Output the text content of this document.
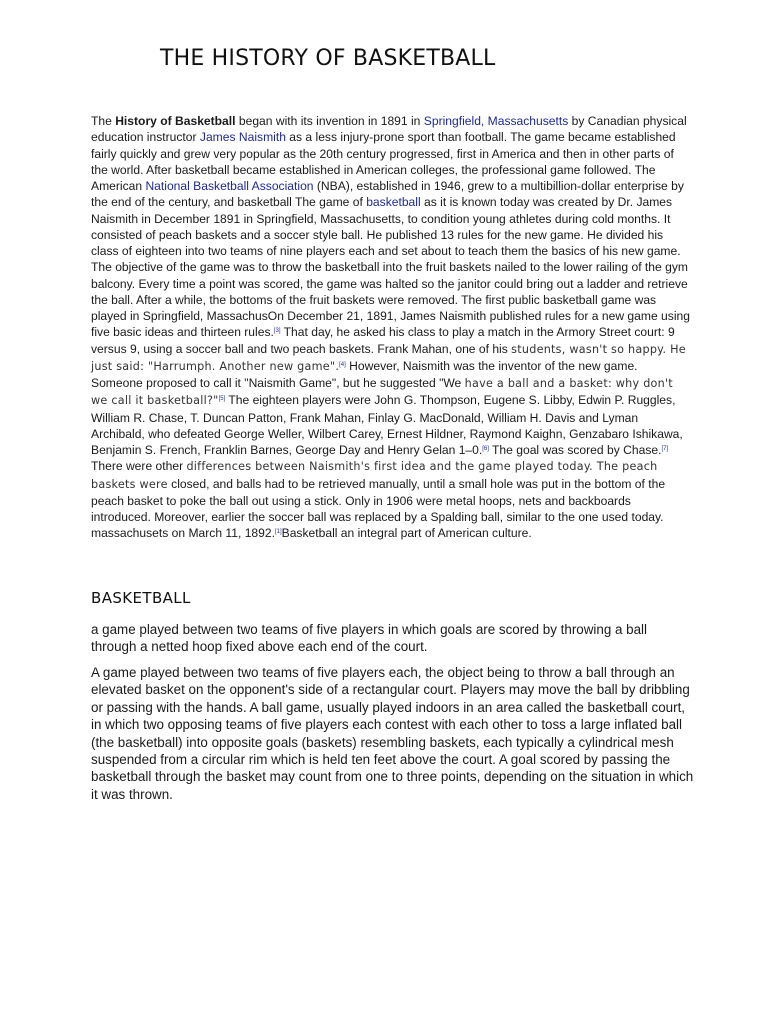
THE HISTORY OF BASKETBALL

The History of Basketball began with its invention in 1891 in Springfield, Massachusetts by Canadian physical education instructor James Naismith as a less injury-prone sport than football. The game became established fairly quickly and grew very popular as the 20th century progressed, first in America and then in other parts of the world. After basketball became established in American colleges, the professional game followed. The American National Basketball Association (NBA), established in 1946, grew to a multibillion-dollar enterprise by the end of the century, and basketball The game of basketball as it is known today was created by Dr. James Naismith in December 1891 in Springfield, Massachusetts, to condition young athletes during cold months. It consisted of peach baskets and a soccer style ball. He published 13 rules for the new game. He divided his class of eighteen into two teams of nine players each and set about to teach them the basics of his new game. The objective of the game was to throw the basketball into the fruit baskets nailed to the lower railing of the gym balcony. Every time a point was scored, the game was halted so the janitor could bring out a ladder and retrieve the ball. After a while, the bottoms of the fruit baskets were removed. The first public basketball game was played in Springfield, MassachusOn December 21, 1891, James Naismith published rules for a new game using five basic ideas and thirteen rules.[3] That day, he asked his class to play a match in the Armory Street court: 9 versus 9, using a soccer ball and two peach baskets. Frank Mahan, one of his students, wasn't so happy. He just said: "Harrumph. Another new game".[4] However, Naismith was the inventor of the new game. Someone proposed to call it "Naismith Game", but he suggested "We have a ball and a basket: why don't we call it basketball?"[5] The eighteen players were John G. Thompson, Eugene S. Libby, Edwin P. Ruggles, William R. Chase, T. Duncan Patton, Frank Mahan, Finlay G. MacDonald, William H. Davis and Lyman Archibald, who defeated George Weller, Wilbert Carey, Ernest Hildner, Raymond Kaighn, Genzabaro Ishikawa, Benjamin S. French, Franklin Barnes, George Day and Henry Gelan 1–0.[6] The goal was scored by Chase.[7] There were other differences between Naismith's first idea and the game played today. The peach baskets were closed, and balls had to be retrieved manually, until a small hole was put in the bottom of the peach basket to poke the ball out using a stick. Only in 1906 were metal hoops, nets and backboards introduced. Moreover, earlier the soccer ball was replaced by a Spalding ball, similar to the one used today. massachusets on March 11, 1892.[1]Basketball an integral part of American culture.

BASKETBALL

a game played between two teams of five players in which goals are scored by throwing a ball through a netted hoop fixed above each end of the court.

A game played between two teams of five players each, the object being to throw a ball through an elevated basket on the opponent's side of a rectangular court. Players may move the ball by dribbling or passing with the hands. A ball game, usually played indoors in an area called the basketball court, in which two opposing teams of five players each contest with each other to toss a large inflated ball (the basketball) into opposite goals (baskets) resembling baskets, each typically a cylindrical mesh suspended from a circular rim which is held ten feet above the court. A goal scored by passing the basketball through the basket may count from one to three points, depending on the situation in which it was thrown.
